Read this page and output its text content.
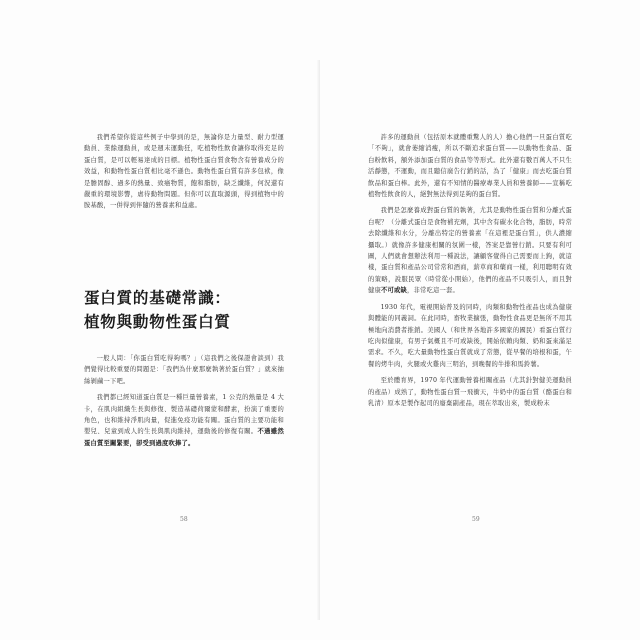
我們希望你從這些例子中學到的是，無論你是力量型、耐力型運動員、業餘運動員，或是週末運動狂，吃植物性飲食讓你取得充足的蛋白質，是可以輕易達成的目標。植物性蛋白質食物含有營養成分的效益，和動物性蛋白質相比毫不遜色。動物性蛋白質有許多包袱，像是膽固醇、過多的熱量、致癌物質，飽和脂肪，缺乏纖維，何況還有嚴重的環境影響，虐待動物問題。但你可以直取源頭，得到植物中的胺基酸，一併得到伴隨的營養素和益處。

蛋白質的基礎常識：
植物與動物性蛋白質

一般人問：「你蛋白質吃得夠嗎？」（這我們之後保證會談到）我們覺得比較重要的問題是：「我們為什麼那麼執著於蛋白質？」就來抽絲剝繭一下吧。

我們都已經知道蛋白質是一種巨量營養素，1 公克的熱量是 4 大卡，在肌肉組織生長與修復、製造基礎荷爾蒙和酵素，扮演了重要的角色，也和維持淨肌肉量，促進免疫功能有關。蛋白質的主要功能和嬰兒、兒童到成人的生長與肌肉維持，運動後的修復有關。不過雖然蛋白質至關緊要，卻受到過度吹捧了。

58

許多的運動員（包括原本就體重驚人的人）擔心他們一旦蛋白質吃「不夠」，就會萎縮消瘦，所以不斷追求蛋白質——以動物性食品、蛋白粉飲料，額外添加蛋白質的食品等等形式。此外還有數百萬人不只生活靜態，不運動，而且聽信廣告行銷的話，為了「健康」而去吃蛋白質飲品和蛋白棒。此外，還有不知情的醫療專業人員和營養師——宣稱吃植物性飲食的人，絕對無法得到足夠的蛋白質。

我們是怎麼養成對蛋白質的執著，尤其是動物性蛋白質和分離式蛋白呢？（分離式蛋白是食物補充劑，其中含有碳水化合物，脂肪，時常去除纖維和水分，分離出特定的營養素「在這裡是蛋白質」，供人濃縮攝取。）就像許多健康相關的氛圍一樣，答案是靠營行銷。只要有利可圖，人們就會想辦法利用一種說法，讓顧客覺得自己需要而上鉤，就這樣，蛋白質和產品公司常常和酒商，薪草商和藥商一樣，利用聰明有效的策略，說服民眾（時常從小開始），他們的產品不只吸引人，而且對健康不可或缺，非常吃這一套。

1930 年代，電視開始普及的同時，肉類和動物性產品也成為健康與體能的同義詞。在此同時，畜牧業擴張，動物性食品更是無所不用其極地向消費者推銷。美國人（和世界各地許多國家的國民）看蛋白質行吃肉似健康，有男子氣概且不可或缺後，開始依賴肉類、奶和蛋來滿足需求。不久，吃大量動物性蛋白質就成了常態，從早餐的培根和蛋，午餐的烤牛肉，火腿或火雞肉三明治，到晚餐的牛排和馬鈴薯。

至於體育界，1970 年代運動營養相關產品（尤其針對健美運動員的產品）成熟了，動物性蛋白質一飛衝天，牛奶中的蛋白質（酪蛋白和乳清）原本是製作起司的廢棄副產品，現在萃取出來，製成粉末

59
